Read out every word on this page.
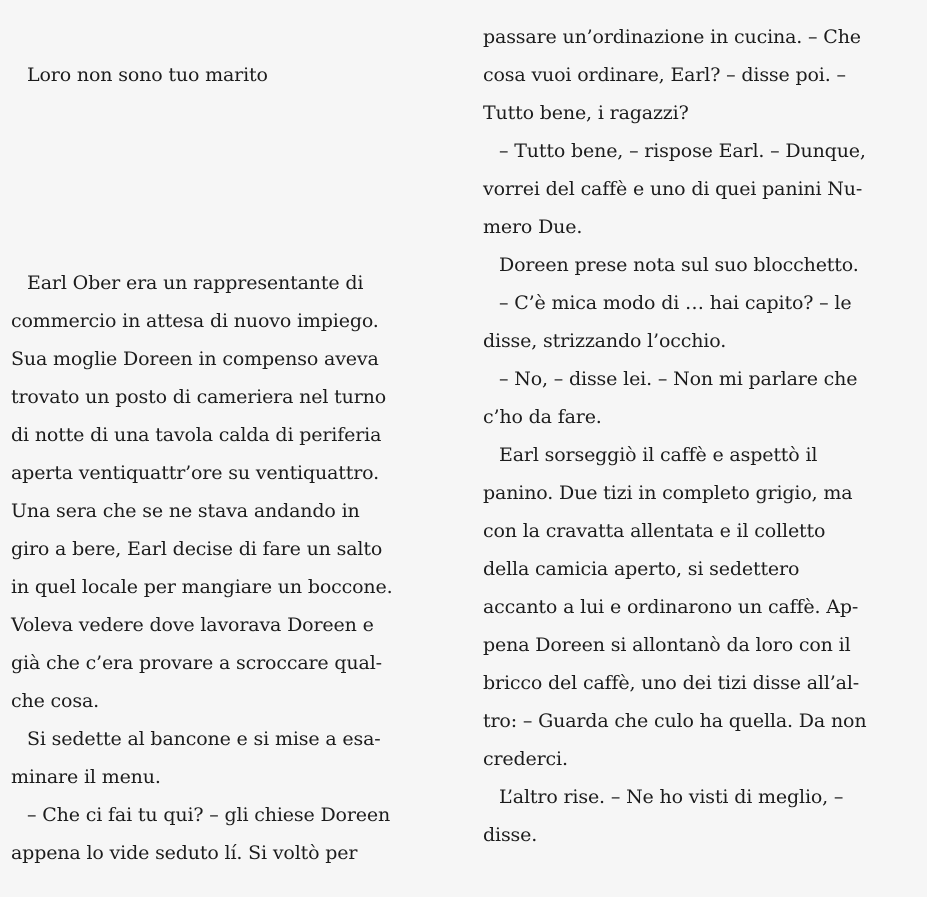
Loro non sono tuo marito
Earl Ober era un rappresentante di
commercio in attesa di nuovo impiego.
Sua moglie Doreen in compenso aveva
trovato un posto di cameriera nel turno
di notte di una tavola calda di periferia
aperta ventiquattr’ore su ventiquattro.
Una sera che se ne stava andando in
giro a bere, Earl decise di fare un salto
in quel locale per mangiare un boccone.
Voleva vedere dove lavorava Doreen e
già che c’era provare a scroccare qual-
che cosa.
Si sedette al bancone e si mise a esa-
minare il menu.
– Che ci fai tu qui? – gli chiese Doreen
appena lo vide seduto lí. Si voltò per
passare un’ordinazione in cucina. – Che
cosa vuoi ordinare, Earl? – disse poi. –
Tutto bene, i ragazzi?
– Tutto bene, – rispose Earl. – Dunque,
vorrei del caffè e uno di quei panini Nu-
mero Due.
Doreen prese nota sul suo blocchetto.
– C’è mica modo di … hai capito? – le
disse, strizzando l’occhio.
– No, – disse lei. – Non mi parlare che
c’ho da fare.
Earl sorseggiò il caffè e aspettò il
panino. Due tizi in completo grigio, ma
con la cravatta allentata e il colletto
della camicia aperto, si sedettero
accanto a lui e ordinarono un caffè. Ap-
pena Doreen si allontanò da loro con il
bricco del caffè, uno dei tizi disse all’al-
tro: – Guarda che culo ha quella. Da non
crederci.
L’altro rise. – Ne ho visti di meglio, –
disse.
